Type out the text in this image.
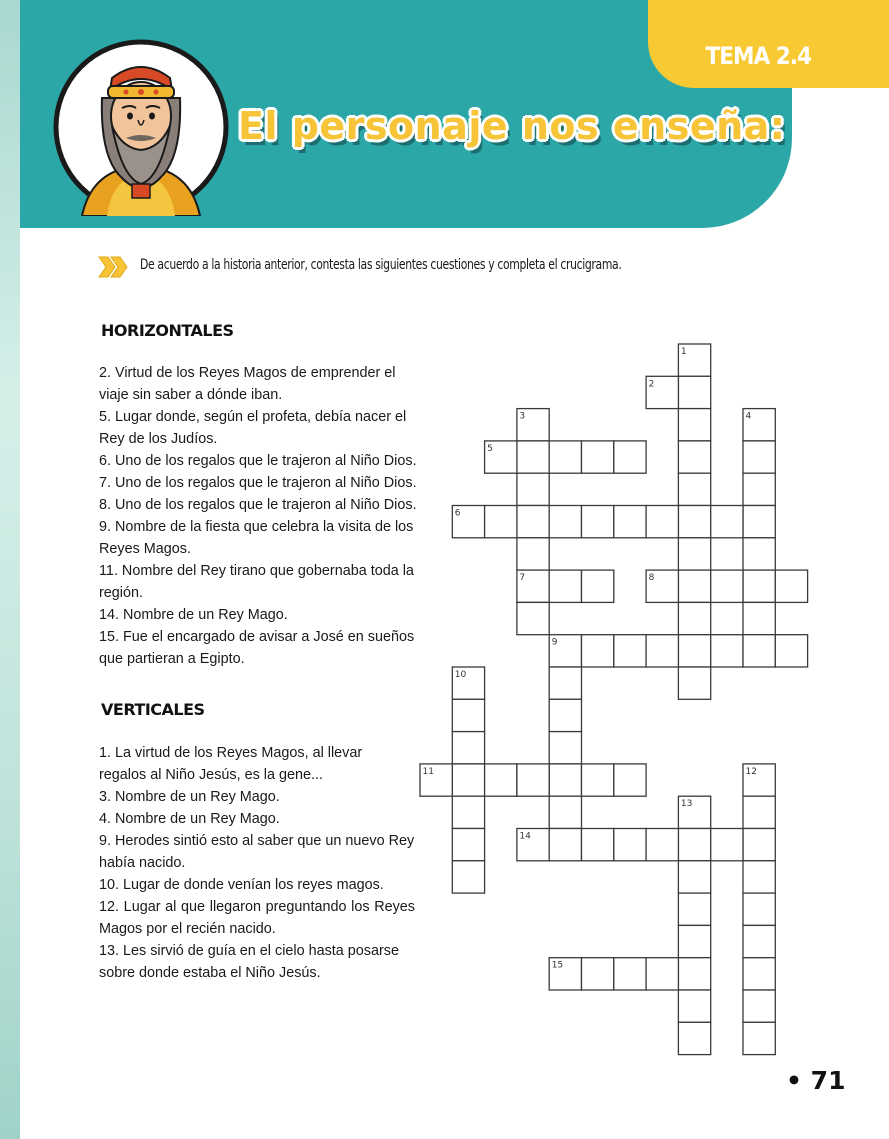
TEMA 2.4
El personaje nos enseña:
De acuerdo a la historia anterior, contesta las siguientes cuestiones y completa el crucigrama.
HORIZONTALES
2. Virtud de los Reyes Magos de emprender el viaje sin saber a dónde iban.
5. Lugar donde, según el profeta, debía nacer el Rey de los Judíos.
6. Uno de los regalos que le trajeron al Niño Dios.
7. Uno de los regalos que le trajeron al Niño Dios.
8. Uno de los regalos que le trajeron al Niño Dios.
9. Nombre de la fiesta que celebra la visita de los Reyes Magos.
11. Nombre del Rey tirano que gobernaba toda la región.
14. Nombre de un Rey Mago.
15. Fue el encargado de avisar a José en sueños que partieran a Egipto.
VERTICALES
1. La virtud de los Reyes Magos, al llevar regalos al Niño Jesús, es la gene...
3. Nombre de un Rey Mago.
4. Nombre de un Rey Mago.
9. Herodes sintió esto al saber que un nuevo Rey había nacido.
10. Lugar de donde venían los reyes magos.
12. Lugar al que llegaron preguntando los Reyes Magos por el recién nacido.
13. Les sirvió de guía en el cielo hasta posarse sobre donde estaba el Niño Jesús.
1
2
3	4
5
6
7	8
9
10
11	12
13
14
15
• 71
